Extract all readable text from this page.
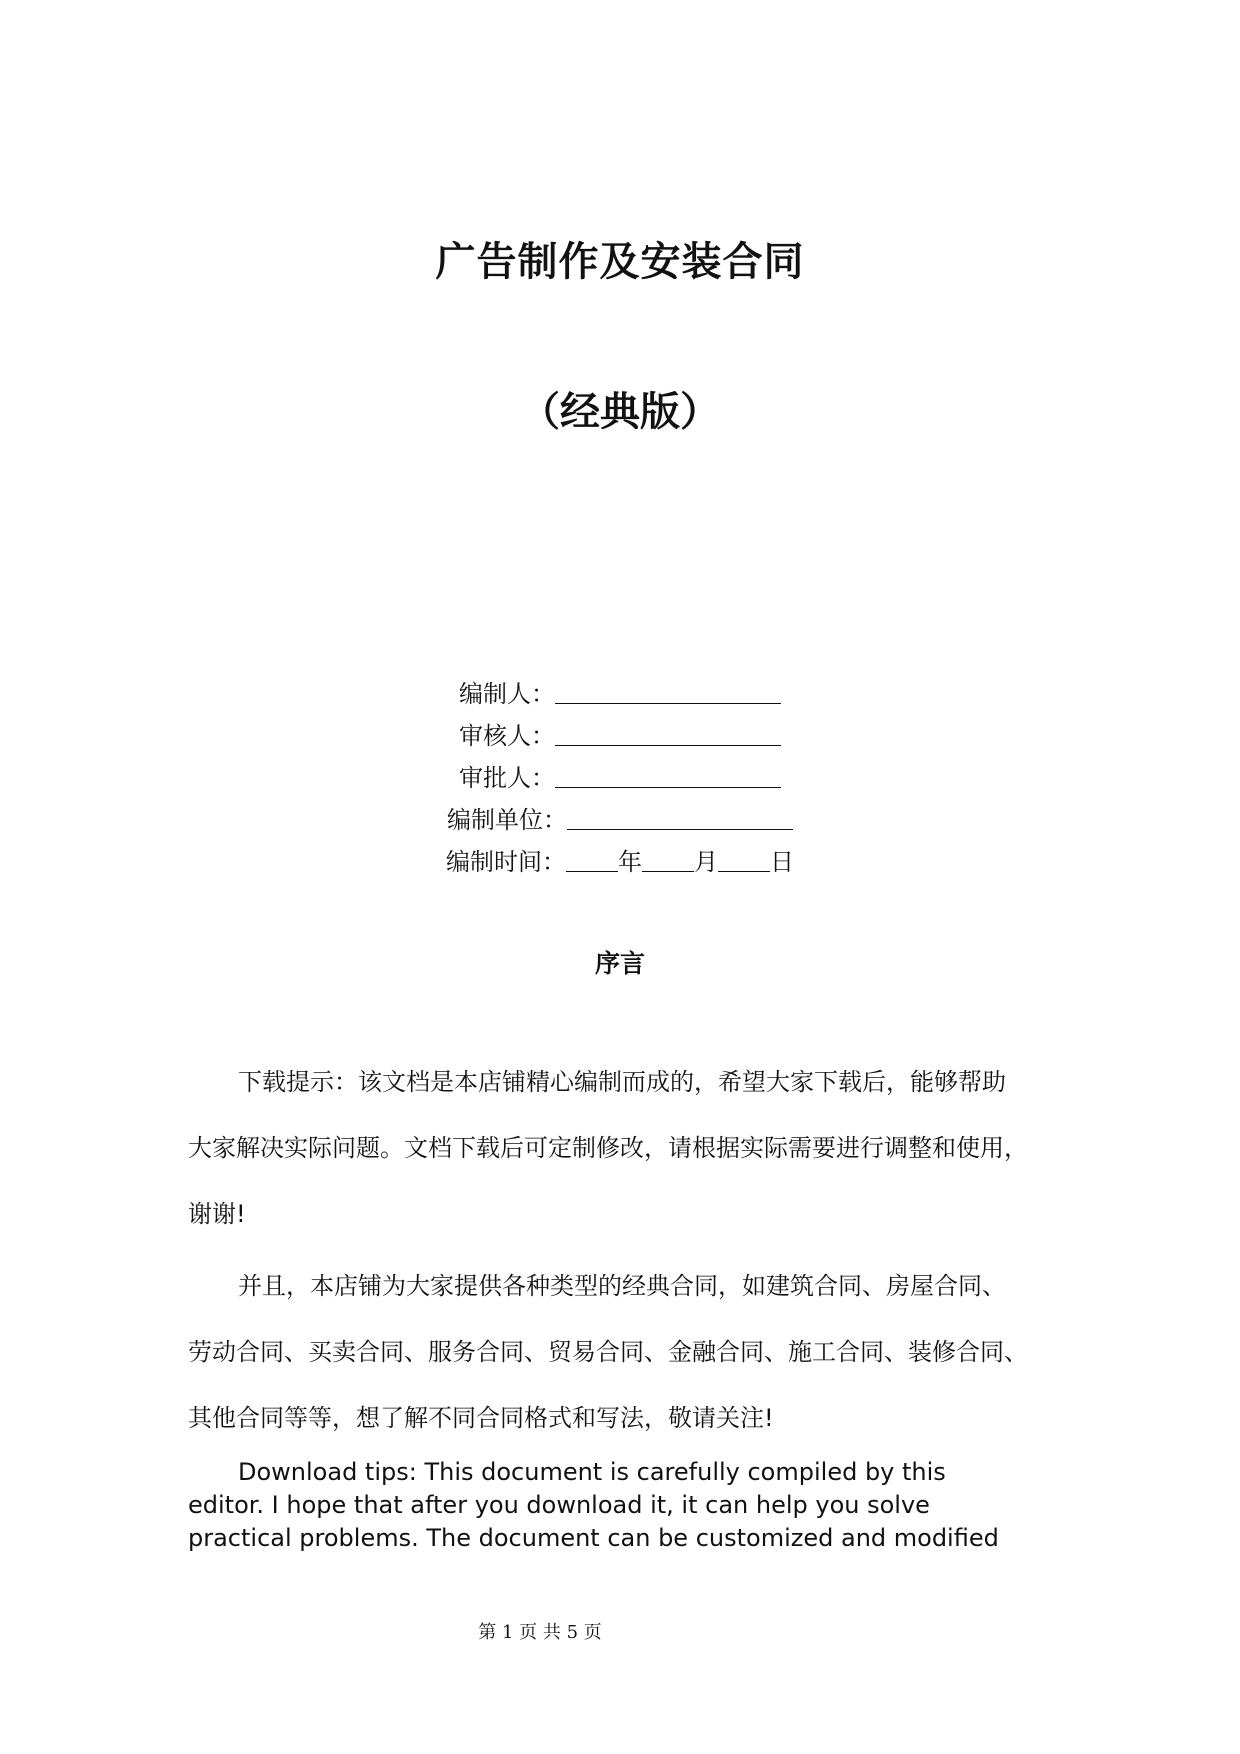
广告制作及安装合同
（经典版）
编制人：
审核人：
审批人：
编制单位：
编制时间： 年 月 日
序言
下载提示：该文档是本店铺精心编制而成的，希望大家下载后，能够帮助
大家解决实际问题。文档下载后可定制修改，请根据实际需要进行调整和使用，
谢谢!
并且，本店铺为大家提供各种类型的经典合同，如建筑合同、房屋合同、
劳动合同、买卖合同、服务合同、贸易合同、金融合同、施工合同、装修合同、
其他合同等等，想了解不同合同格式和写法，敬请关注!
Download tips: This document is carefully compiled by this
editor. I hope that after you download it, it can help you solve
practical problems. The document can be customized and modified
第 1 页 共 5 页
